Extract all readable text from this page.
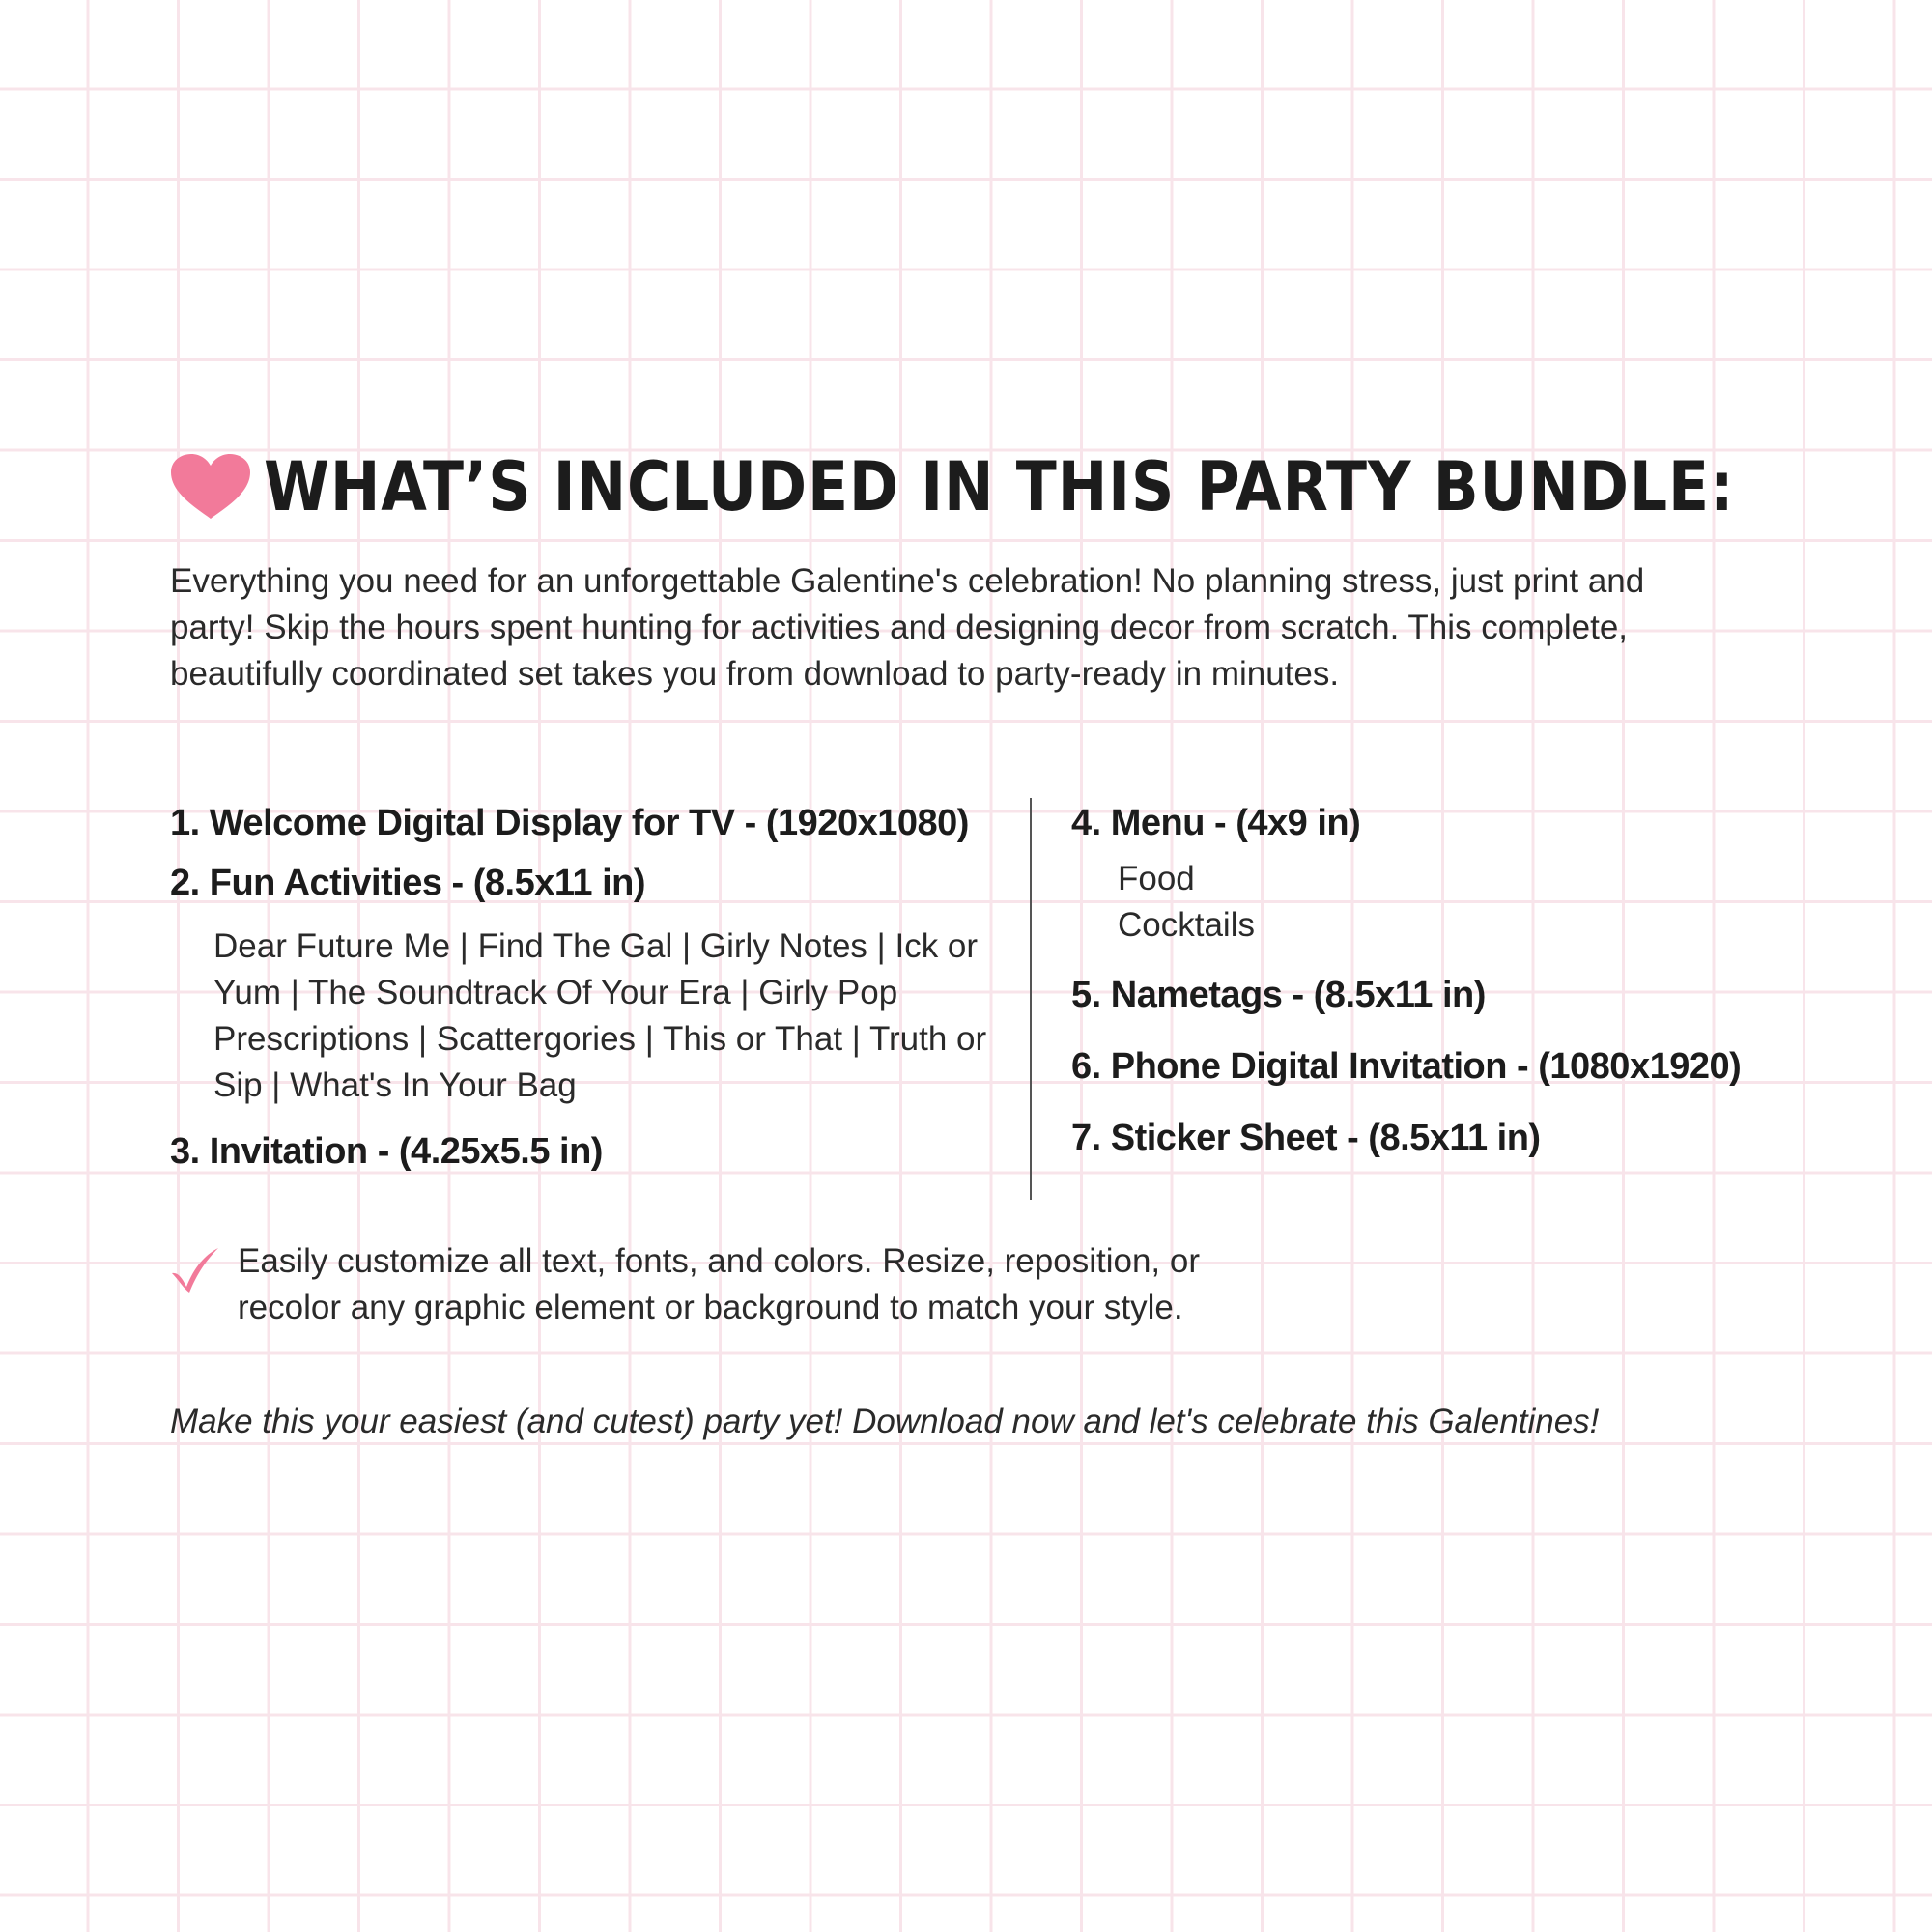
WHAT’S INCLUDED IN THIS PARTY BUNDLE:
Everything you need for an unforgettable Galentine's celebration! No planning stress, just print and party! Skip the hours spent hunting for activities and designing decor from scratch. This complete, beautifully coordinated set takes you from download to party-ready in minutes.
1. Welcome Digital Display for TV - (1920x1080)
2. Fun Activities - (8.5x11 in)
Dear Future Me | Find The Gal | Girly Notes | Ick or Yum | The Soundtrack Of Your Era | Girly Pop Prescriptions | Scattergories | This or That | Truth or Sip | What's In Your Bag
3. Invitation - (4.25x5.5 in)
4. Menu - (4x9 in)
Food
Cocktails
5. Nametags - (8.5x11 in)
6. Phone Digital Invitation - (1080x1920)
7. Sticker Sheet - (8.5x11 in)
Easily customize all text, fonts, and colors. Resize, reposition, or recolor any graphic element or background to match your style.
Make this your easiest (and cutest) party yet! Download now and let's celebrate this Galentines!
